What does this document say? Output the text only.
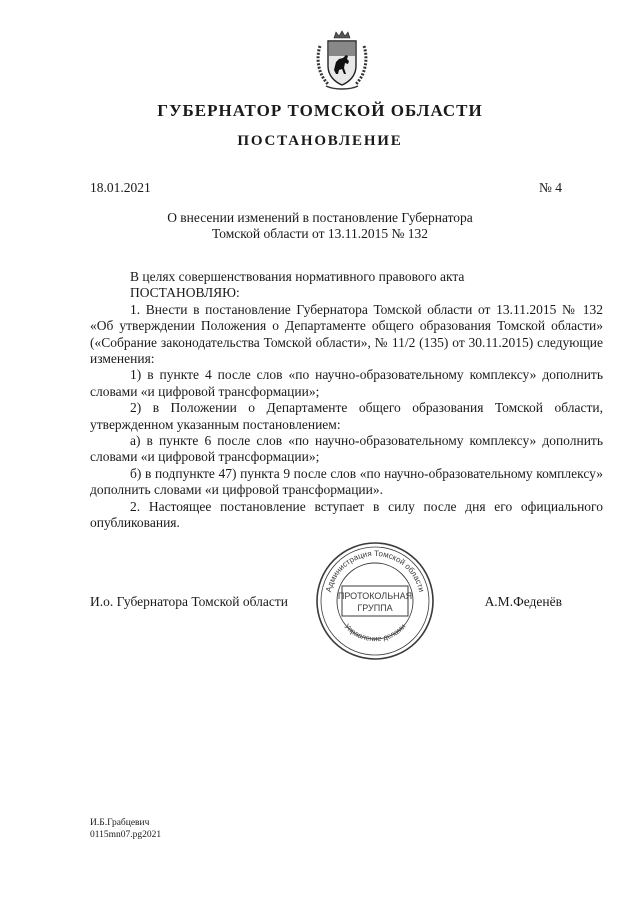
ГУБЕРНАТОР ТОМСКОЙ ОБЛАСТИ
ПОСТАНОВЛЕНИЕ
18.01.2021	№ 4
О внесении изменений в постановление Губернатора
Томской области от 13.11.2015 № 132

В целях совершенствования нормативного правового акта

ПОСТАНОВЛЯЮ:

1. Внести в постановление Губернатора Томской области от 13.11.2015 № 132 «Об утверждении Положения о Департаменте общего образования Томской области» («Собрание законодательства Томской области», № 11/2 (135) от 30.11.2015) следующие изменения:

1) в пункте 4 после слов «по научно-образовательному комплексу» дополнить словами «и цифровой трансформации»;

2) в Положении о Департаменте общего образования Томской области, утвержденном указанным постановлением:

а) в пункте 6 после слов «по научно-образовательному комплексу» дополнить словами «и цифровой трансформации»;

б) в подпункте 47) пункта 9 после слов «по научно-образовательному комплексу» дополнить словами «и цифровой трансформации».

2. Настоящее постановление вступает в силу после дня его официального опубликования.

И.о. Губернатора Томской области	А.М.Феденёв
Администрация Томской области
Управление делами
ПРОТОКОЛЬНАЯ
ГРУППА
И.Б.Грабцевич
0115mn07.pg2021
